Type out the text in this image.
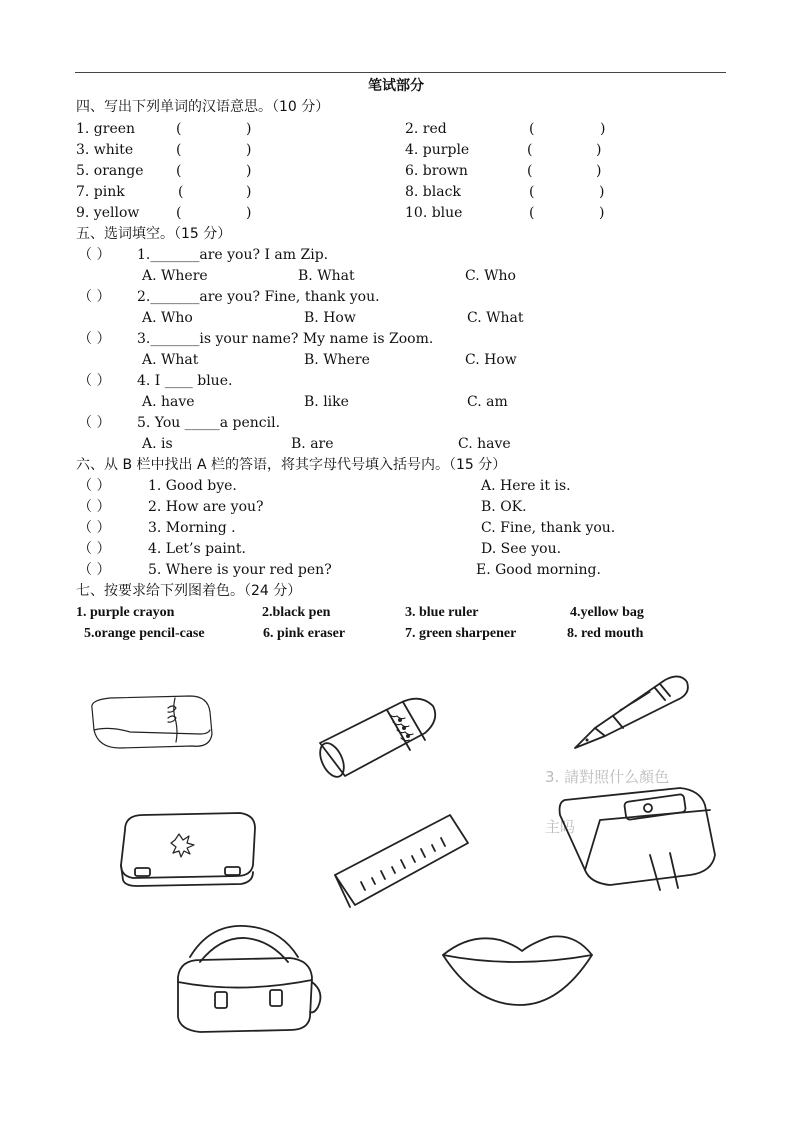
笔试部分
四、写出下列单词的汉语意思。（10 分）
1. green	(	)	2. red	(	)
3. white	(	)	4. purple	(	)
5. orange (	)	6. brown	(	)
7. pink	(	)	8. black	(	)
9. yellow	(	)	10. blue	(	)
五、选词填空。（15 分）
（ ） 1._______are you? I am Zip.
A. Where	B. What	C. Who
（ ） 2._______are you? Fine, thank you.
A. Who	B. How	C. What
（ ） 3._______is your name? My name is Zoom.
A. What	B. Where	C. How
（ ） 4. I ____ blue.
A. have	B. like	C. am
（ ） 5. You _____a pencil.
A. is	B. are	C. have
六、从 B 栏中找出 A 栏的答语，将其字母代号填入括号内。（15 分）
（ ）	1. Good bye.	A. Here it is.
（ ）	2. How are you?	B. OK.
（ ）	3. Morning .	C. Fine, thank you.
（ ）	4. Let’s paint.	D. See you.
（ ）	5. Where is your red pen?	E. Good morning.
七、按要求给下列图着色。（24 分）
1. purple crayon	2.black pen	3. blue ruler	4.yellow bag
5.orange pencil-case	6. pink eraser	7. green sharpener	8. red mouth
3. 請對照什么顏色
主吗
